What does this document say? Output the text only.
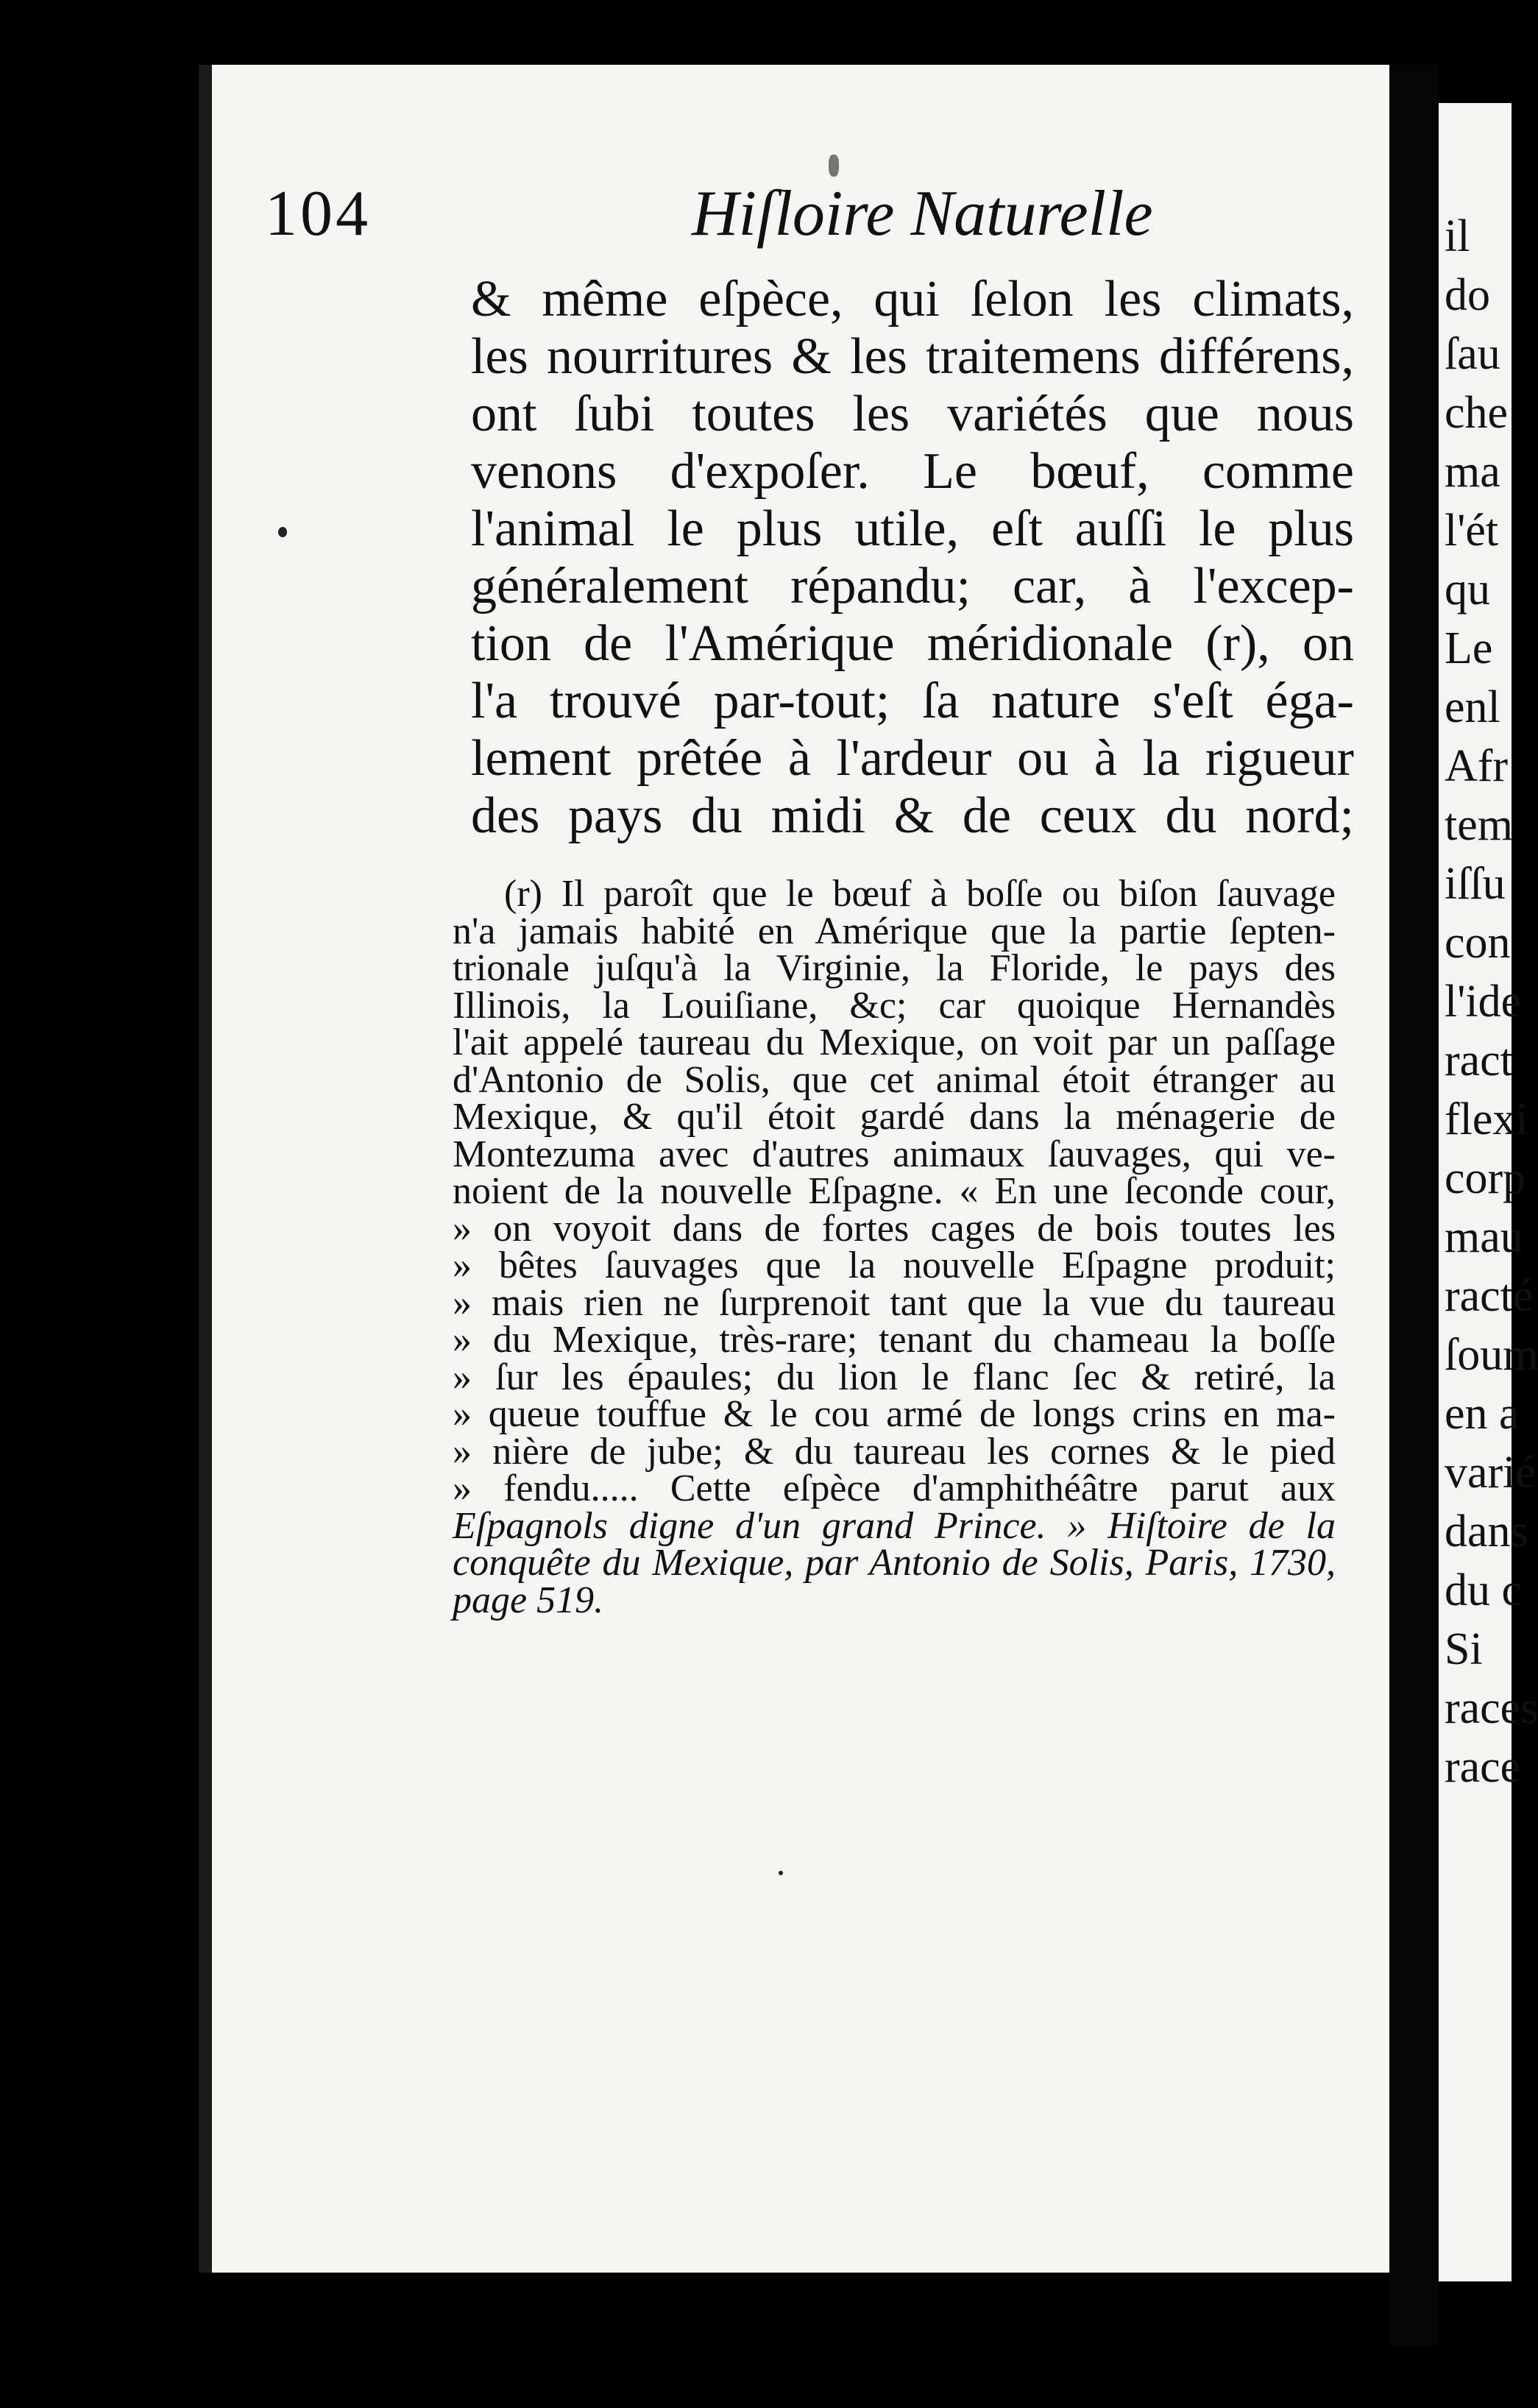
104	Hiſloire Naturelle
& même eſpèce, qui ſelon les climats,
les nourritures & les traitemens différens,
ont ſubi toutes les variétés que nous
venons d'expoſer. Le bœuf, comme
l'animal le plus utile, eſt auſſi le plus
généralement répandu; car, à l'excep-
tion de l'Amérique méridionale (r), on
l'a trouvé par-tout; ſa nature s'eſt éga-
lement prêtée à l'ardeur ou à la rigueur
des pays du midi & de ceux du nord;
(r) Il paroît que le bœuf à boſſe ou biſon ſauvage
n'a jamais habité en Amérique que la partie ſepten-
trionale juſqu'à la Virginie, la Floride, le pays des
Illinois, la Louiſiane, &c; car quoique Hernandès
l'ait appelé taureau du Mexique, on voit par un paſſage
d'Antonio de Solis, que cet animal étoit étranger au
Mexique, & qu'il étoit gardé dans la ménagerie de
Montezuma avec d'autres animaux ſauvages, qui ve-
noient de la nouvelle Eſpagne. « En une ſeconde cour,
» on voyoit dans de fortes cages de bois toutes les
» bêtes ſauvages que la nouvelle Eſpagne produit;
» mais rien ne ſurprenoit tant que la vue du taureau
» du Mexique, très-rare; tenant du chameau la boſſe
» ſur les épaules; du lion le flanc ſec & retiré, la
» queue touffue & le cou armé de longs crins en ma-
» nière de jube; & du taureau les cornes & le pied
» fendu..... Cette eſpèce d'amphithéâtre parut aux
Eſpagnols digne d'un grand Prince. » Hiſtoire de la
conquête du Mexique, par Antonio de Solis, Paris, 1730,
page 519.
il
do
ſau
che
ma
l'ét
qu
Le
enl
Afr
tem
iſſu
con
l'ide
ract
flexi
corp
mau
racté
ſoum
en a
varié
dans
du c
Si
races
race
